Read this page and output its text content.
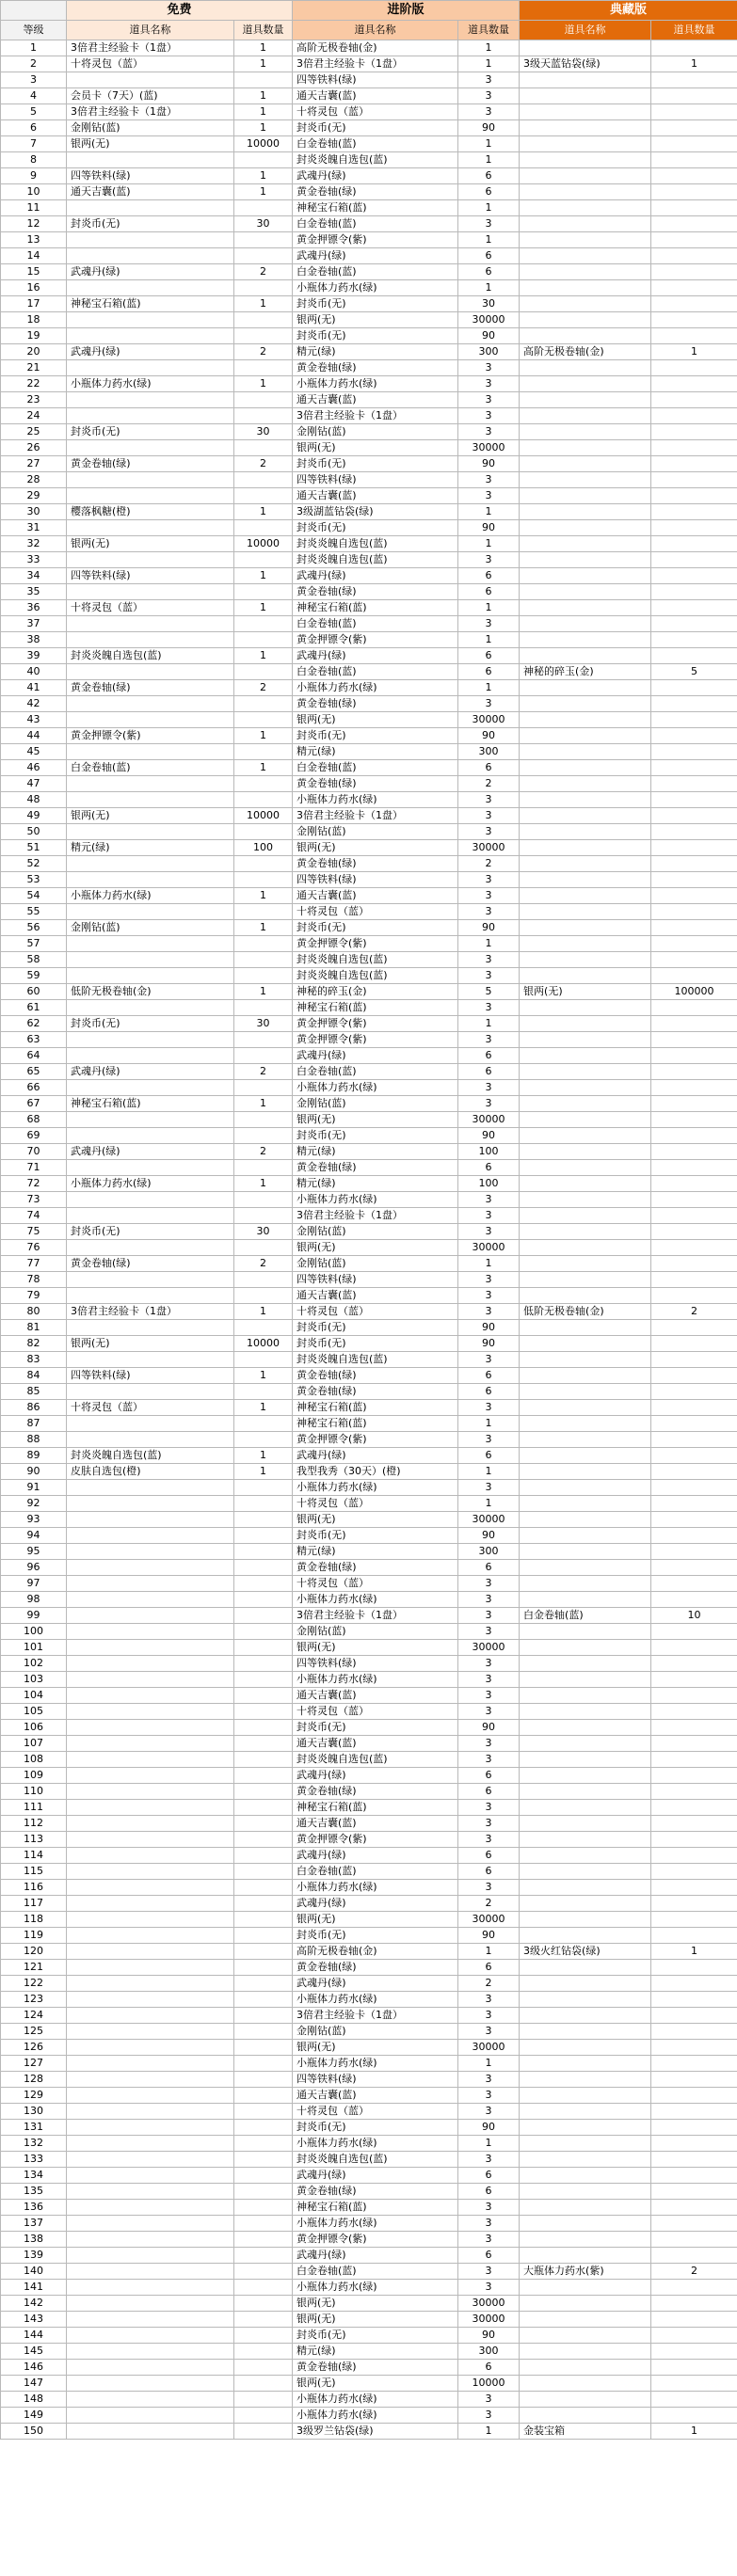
	免费		进阶版		典藏版	
等级	道具名称	道具数量	道具名称	道具数量	道具名称	道具数量
1	3倍君主经验卡（1盘）	1	高阶无极卷轴(金)	1		
2	十将灵包（蓝）	1	3倍君主经验卡（1盘）	1	3级天蓝钻袋(绿)	1
3			四等铁料(绿)	3		
4	会员卡（7天）(蓝)	1	通天吉囊(蓝)	3		
5	3倍君主经验卡（1盘）	1	十将灵包（蓝）	3		
6	金刚钻(蓝)	1	封炎币(无)	90		
7	银两(无)	10000	白金卷轴(蓝)	1		
8			封炎炎魄自选包(蓝)	1		
9	四等铁料(绿)	1	武魂丹(绿)	6		
10	通天吉囊(蓝)	1	黄金卷轴(绿)	6		
11			神秘宝石箱(蓝)	1		
12	封炎币(无)	30	白金卷轴(蓝)	3		
13			黄金押镖令(紫)	1		
14			武魂丹(绿)	6		
15	武魂丹(绿)	2	白金卷轴(蓝)	6		
16			小瓶体力药水(绿)	1		
17	神秘宝石箱(蓝)	1	封炎币(无)	30		
18			银两(无)	30000		
19			封炎币(无)	90		
20	武魂丹(绿)	2	精元(绿)	300	高阶无极卷轴(金)	1
21			黄金卷轴(绿)	3		
22	小瓶体力药水(绿)	1	小瓶体力药水(绿)	3		
23			通天吉囊(蓝)	3		
24			3倍君主经验卡（1盘）	3		
25	封炎币(无)	30	金刚钻(蓝)	3		
26			银两(无)	30000		
27	黄金卷轴(绿)	2	封炎币(无)	90		
28			四等铁料(绿)	3		
29			通天吉囊(蓝)	3		
30	樱落枫糖(橙)	1	3级湖蓝钻袋(绿)	1		
31			封炎币(无)	90		
32	银两(无)	10000	封炎炎魄自选包(蓝)	1		
33			封炎炎魄自选包(蓝)	3		
34	四等铁料(绿)	1	武魂丹(绿)	6		
35			黄金卷轴(绿)	6		
36	十将灵包（蓝）	1	神秘宝石箱(蓝)	1		
37			白金卷轴(蓝)	3		
38			黄金押镖令(紫)	1		
39	封炎炎魄自选包(蓝)	1	武魂丹(绿)	6		
40			白金卷轴(蓝)	6	神秘的碎玉(金)	5
41	黄金卷轴(绿)	2	小瓶体力药水(绿)	1		
42			黄金卷轴(绿)	3		
43			银两(无)	30000		
44	黄金押镖令(紫)	1	封炎币(无)	90		
45			精元(绿)	300		
46	白金卷轴(蓝)	1	白金卷轴(蓝)	6		
47			黄金卷轴(绿)	2		
48			小瓶体力药水(绿)	3		
49	银两(无)	10000	3倍君主经验卡（1盘）	3		
50			金刚钻(蓝)	3		
51	精元(绿)	100	银两(无)	30000		
52			黄金卷轴(绿)	2		
53			四等铁料(绿)	3		
54	小瓶体力药水(绿)	1	通天吉囊(蓝)	3		
55			十将灵包（蓝）	3		
56	金刚钻(蓝)	1	封炎币(无)	90		
57			黄金押镖令(紫)	1		
58			封炎炎魄自选包(蓝)	3		
59			封炎炎魄自选包(蓝)	3		
60	低阶无极卷轴(金)	1	神秘的碎玉(金)	5	银两(无)	100000
61			神秘宝石箱(蓝)	3		
62	封炎币(无)	30	黄金押镖令(紫)	1		
63			黄金押镖令(紫)	3		
64			武魂丹(绿)	6		
65	武魂丹(绿)	2	白金卷轴(蓝)	6		
66			小瓶体力药水(绿)	3		
67	神秘宝石箱(蓝)	1	金刚钻(蓝)	3		
68			银两(无)	30000		
69			封炎币(无)	90		
70	武魂丹(绿)	2	精元(绿)	100		
71			黄金卷轴(绿)	6		
72	小瓶体力药水(绿)	1	精元(绿)	100		
73			小瓶体力药水(绿)	3		
74			3倍君主经验卡（1盘）	3		
75	封炎币(无)	30	金刚钻(蓝)	3		
76			银两(无)	30000		
77	黄金卷轴(绿)	2	金刚钻(蓝)	1		
78			四等铁料(绿)	3		
79			通天吉囊(蓝)	3		
80	3倍君主经验卡（1盘）	1	十将灵包（蓝）	3	低阶无极卷轴(金)	2
81			封炎币(无)	90		
82	银两(无)	10000	封炎币(无)	90		
83			封炎炎魄自选包(蓝)	3		
84	四等铁料(绿)	1	黄金卷轴(绿)	6		
85			黄金卷轴(绿)	6		
86	十将灵包（蓝）	1	神秘宝石箱(蓝)	3		
87			神秘宝石箱(蓝)	1		
88			黄金押镖令(紫)	3		
89	封炎炎魄自选包(蓝)	1	武魂丹(绿)	6		
90	皮肤自选包(橙)	1	我型我秀（30天）(橙)	1		
91			小瓶体力药水(绿)	3		
92			十将灵包（蓝）	1		
93			银两(无)	30000		
94			封炎币(无)	90		
95			精元(绿)	300		
96			黄金卷轴(绿)	6		
97			十将灵包（蓝）	3		
98			小瓶体力药水(绿)	3		
99			3倍君主经验卡（1盘）	3	白金卷轴(蓝)	10
100			金刚钻(蓝)	3		
101			银两(无)	30000		
102			四等铁料(绿)	3		
103			小瓶体力药水(绿)	3		
104			通天吉囊(蓝)	3		
105			十将灵包（蓝）	3		
106			封炎币(无)	90		
107			通天吉囊(蓝)	3		
108			封炎炎魄自选包(蓝)	3		
109			武魂丹(绿)	6		
110			黄金卷轴(绿)	6		
111			神秘宝石箱(蓝)	3		
112			通天吉囊(蓝)	3		
113			黄金押镖令(紫)	3		
114			武魂丹(绿)	6		
115			白金卷轴(蓝)	6		
116			小瓶体力药水(绿)	3		
117			武魂丹(绿)	2		
118			银两(无)	30000		
119			封炎币(无)	90		
120			高阶无极卷轴(金)	1	3级火红钻袋(绿)	1
121			黄金卷轴(绿)	6		
122			武魂丹(绿)	2		
123			小瓶体力药水(绿)	3		
124			3倍君主经验卡（1盘）	3		
125			金刚钻(蓝)	3		
126			银两(无)	30000		
127			小瓶体力药水(绿)	1		
128			四等铁料(绿)	3		
129			通天吉囊(蓝)	3		
130			十将灵包（蓝）	3		
131			封炎币(无)	90		
132			小瓶体力药水(绿)	1		
133			封炎炎魄自选包(蓝)	3		
134			武魂丹(绿)	6		
135			黄金卷轴(绿)	6		
136			神秘宝石箱(蓝)	3		
137			小瓶体力药水(绿)	3		
138			黄金押镖令(紫)	3		
139			武魂丹(绿)	6		
140			白金卷轴(蓝)	3	大瓶体力药水(紫)	2
141			小瓶体力药水(绿)	3		
142			银两(无)	30000		
143			银两(无)	30000		
144			封炎币(无)	90		
145			精元(绿)	300		
146			黄金卷轴(绿)	6		
147			银两(无)	10000		
148			小瓶体力药水(绿)	3		
149			小瓶体力药水(绿)	3		
150			3级罗兰钻袋(绿)	1	金装宝箱	1
